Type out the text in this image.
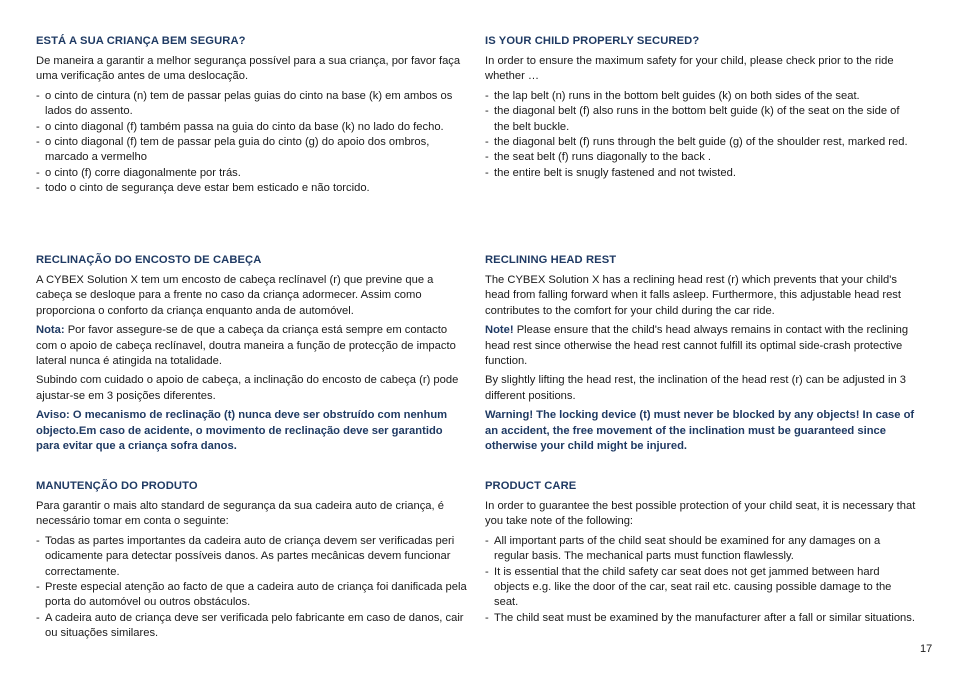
ESTÁ A SUA CRIANÇA BEM SEGURA?

De maneira a garantir a melhor segurança possível para a sua criança, por favor faça uma verificação antes de uma deslocação.

- o cinto de cintura (n) tem de passar pelas guias do cinto na base (k) em ambos os lados do assento.
- o cinto diagonal (f) também passa na guia do cinto da base (k) no lado do fecho.
- o cinto diagonal (f) tem de passar pela guia do cinto (g) do apoio dos ombros, marcado a vermelho
- o cinto (f) corre diagonalmente por trás.
- todo o cinto de segurança deve estar bem esticado e não torcido.
RECLINAÇÃO DO ENCOSTO DE CABEÇA

A CYBEX Solution X tem um encosto de cabeça reclínavel (r) que previne que a cabeça se desloque para a frente no caso da criança adormecer. Assim como proporciona o conforto da criança enquanto anda de automóvel.

Nota: Por favor assegure-se de que a cabeça da criança está sempre em contacto com o apoio de cabeça reclínavel, doutra maneira a função de protecção de impacto lateral nunca é atingida na totalidade.

Subindo com cuidado o apoio de cabeça, a inclinação do encosto de cabeça (r) pode ajustar-se em 3 posições diferentes.

Aviso: O mecanismo de reclinação (t) nunca deve ser obstruído com nenhum objecto.Em caso de acidente, o movimento de reclinação deve ser garantido para evitar que a criança sofra danos.

MANUTENÇÃO DO PRODUTO

Para garantir o mais alto standard de segurança da sua cadeira auto de criança, é necessário tomar em conta o seguinte:

- Todas as partes importantes da cadeira auto de criança devem ser verificadas peri odicamente para detectar possíveis danos. As partes mecânicas devem funcionar correctamente.
- Preste especial atenção ao facto de que a cadeira auto de criança foi danificada pela porta do automóvel ou outros obstáculos.
- A cadeira auto de criança deve ser verificada pelo fabricante em caso de danos, cair ou situações similares.
IS YOUR CHILD PROPERLY SECURED?

In order to ensure the maximum safety for your child, please check prior to the ride whether …

- the lap belt (n) runs in the bottom belt guides (k) on both sides of the seat.
- the diagonal belt (f) also runs in the bottom belt guide (k) of the seat on the side of the belt buckle.
- the diagonal belt (f) runs through the belt guide (g) of the shoulder rest, marked red.
- the seat belt (f) runs diagonally to the back .
- the entire belt is snugly fastened and not twisted.
RECLINING HEAD REST

The CYBEX Solution X has a reclining head rest (r) which prevents that your child's head from falling forward when it falls asleep. Furthermore, this adjustable head rest contributes to the comfort for your child during the car ride.

Note! Please ensure that the child's head always remains in contact with the reclining head rest since otherwise the head rest cannot fulfill its optimal side-crash protective function.

By slightly lifting the head rest, the inclination of the head rest (r) can be adjusted in 3 different positions.

Warning! The locking device (t) must never be blocked by any objects! In case of an accident, the free movement of the inclination must be guaranteed since otherwise your child might be injured.

PRODUCT CARE

In order to guarantee the best possible protection of your child seat, it is necessary that you take note of the following:

- All important parts of the child seat should be examined for any damages on a regular basis. The mechanical parts must function flawlessly.
- It is essential that the child safety car seat does not get jammed between hard objects e.g. like the door of the car, seat rail etc. causing possible damage to the seat.
- The child seat must be examined by the manufacturer after a fall or similar situations.
17
